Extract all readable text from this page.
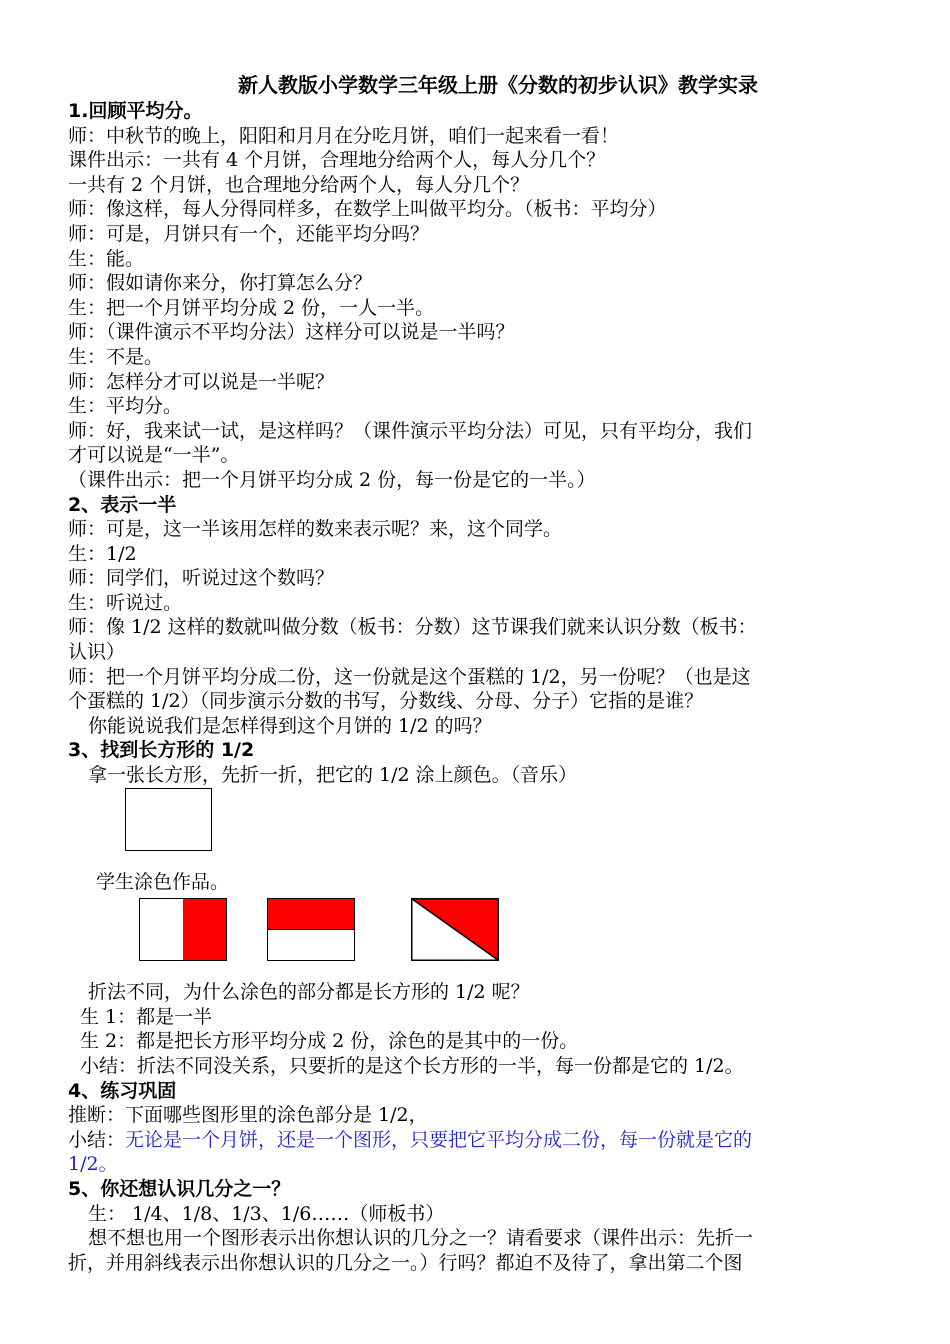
新人教版小学数学三年级上册《分数的初步认识》教学实录
1.回顾平均分。
师：中秋节的晚上，阳阳和月月在分吃月饼，咱们一起来看一看！
课件出示：一共有 4 个月饼，合理地分给两个人，每人分几个？
一共有 2 个月饼，也合理地分给两个人，每人分几个？
师：像这样，每人分得同样多，在数学上叫做平均分。（板书：平均分）
师：可是，月饼只有一个，还能平均分吗？
生：能。
师：假如请你来分，你打算怎么分？
生：把一个月饼平均分成 2 份，一人一半。
师：（课件演示不平均分法）这样分可以说是一半吗？
生：不是。
师：怎样分才可以说是一半呢？
生：平均分。
师：好，我来试一试，是这样吗？（课件演示平均分法）可见，只有平均分，我们
才可以说是“一半”。
（课件出示：把一个月饼平均分成 2 份，每一份是它的一半。）
2、表示一半
师：可是，这一半该用怎样的数来表示呢？来，这个同学。
生：1/2
师：同学们，听说过这个数吗？
生：听说过。
师：像 1/2 这样的数就叫做分数（板书：分数）这节课我们就来认识分数（板书：
认识）
师：把一个月饼平均分成二份，这一份就是这个蛋糕的 1/2，另一份呢？（也是这
个蛋糕的 1/2）（同步演示分数的书写，分数线、分母、分子）它指的是谁？
你能说说我们是怎样得到这个月饼的 1/2 的吗？
3、找到长方形的 1/2
拿一张长方形，先折一折，把它的 1/2 涂上颜色。（音乐）
学生涂色作品。
折法不同，为什么涂色的部分都是长方形的 1/2 呢？
生 1：都是一半
生 2：都是把长方形平均分成 2 份，涂色的是其中的一份。
小结：折法不同没关系，只要折的是这个长方形的一半，每一份都是它的 1/2。
4、练习巩固
推断：下面哪些图形里的涂色部分是 1/2，
小结：无论是一个月饼，还是一个图形，只要把它平均分成二份，每一份就是它的
1/2。
5、你还想认识几分之一？
生： 1/4、1/8、1/3、1/6……（师板书）
想不想也用一个图形表示出你想认识的几分之一？请看要求（课件出示：先折一
折，并用斜线表示出你想认识的几分之一。）行吗？都迫不及待了，拿出第二个图
